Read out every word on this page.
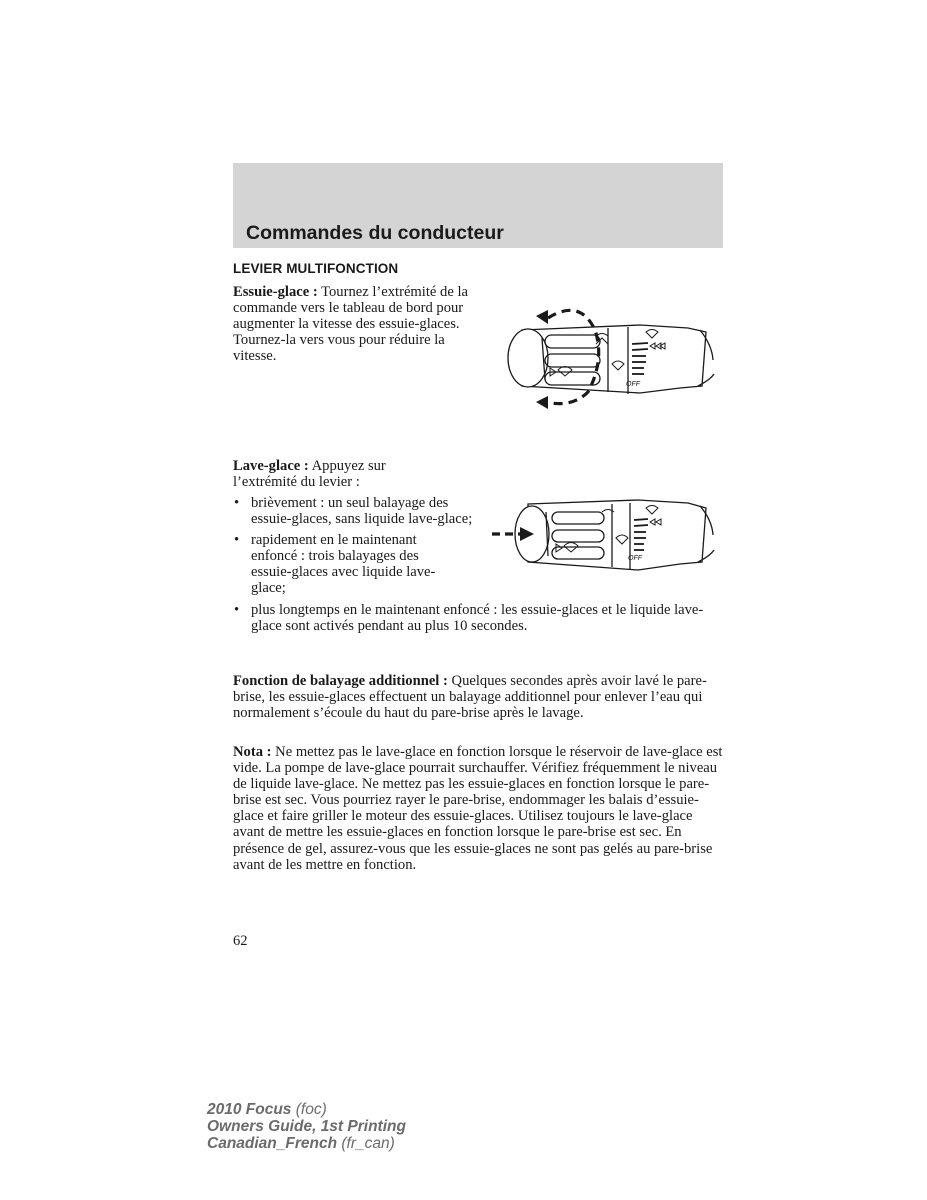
Commandes du conducteur
LEVIER MULTIFONCTION

Essuie-glace : Tournez l’extrémité de la commande vers le tableau de bord pour augmenter la vitesse des essuie-glaces. Tournez-la vers vous pour réduire la vitesse.

OFF

Lave-glace : Appuyez sur l’extrémité du levier :

• brièvement : un seul balayage des essuie-glaces, sans liquide lave-glace;
• rapidement en le maintenant enfoncé : trois balayages des essuie-glaces avec liquide lave-glace;
• plus longtemps en le maintenant enfoncé : les essuie-glaces et le liquide lave-glace sont activés pendant au plus 10 secondes.
OFF

Fonction de balayage additionnel : Quelques secondes après avoir lavé le pare-brise, les essuie-glaces effectuent un balayage additionnel pour enlever l’eau qui normalement s’écoule du haut du pare-brise après le lavage.

Nota : Ne mettez pas le lave-glace en fonction lorsque le réservoir de lave-glace est vide. La pompe de lave-glace pourrait surchauffer. Vérifiez fréquemment le niveau de liquide lave-glace. Ne mettez pas les essuie-glaces en fonction lorsque le pare-brise est sec. Vous pourriez rayer le pare-brise, endommager les balais d’essuie-glace et faire griller le moteur des essuie-glaces. Utilisez toujours le lave-glace avant de mettre les essuie-glaces en fonction lorsque le pare-brise est sec. En présence de gel, assurez-vous que les essuie-glaces ne sont pas gelés au pare-brise avant de les mettre en fonction.

62

2010 Focus (foc)
Owners Guide, 1st Printing
Canadian_French (fr_can)
